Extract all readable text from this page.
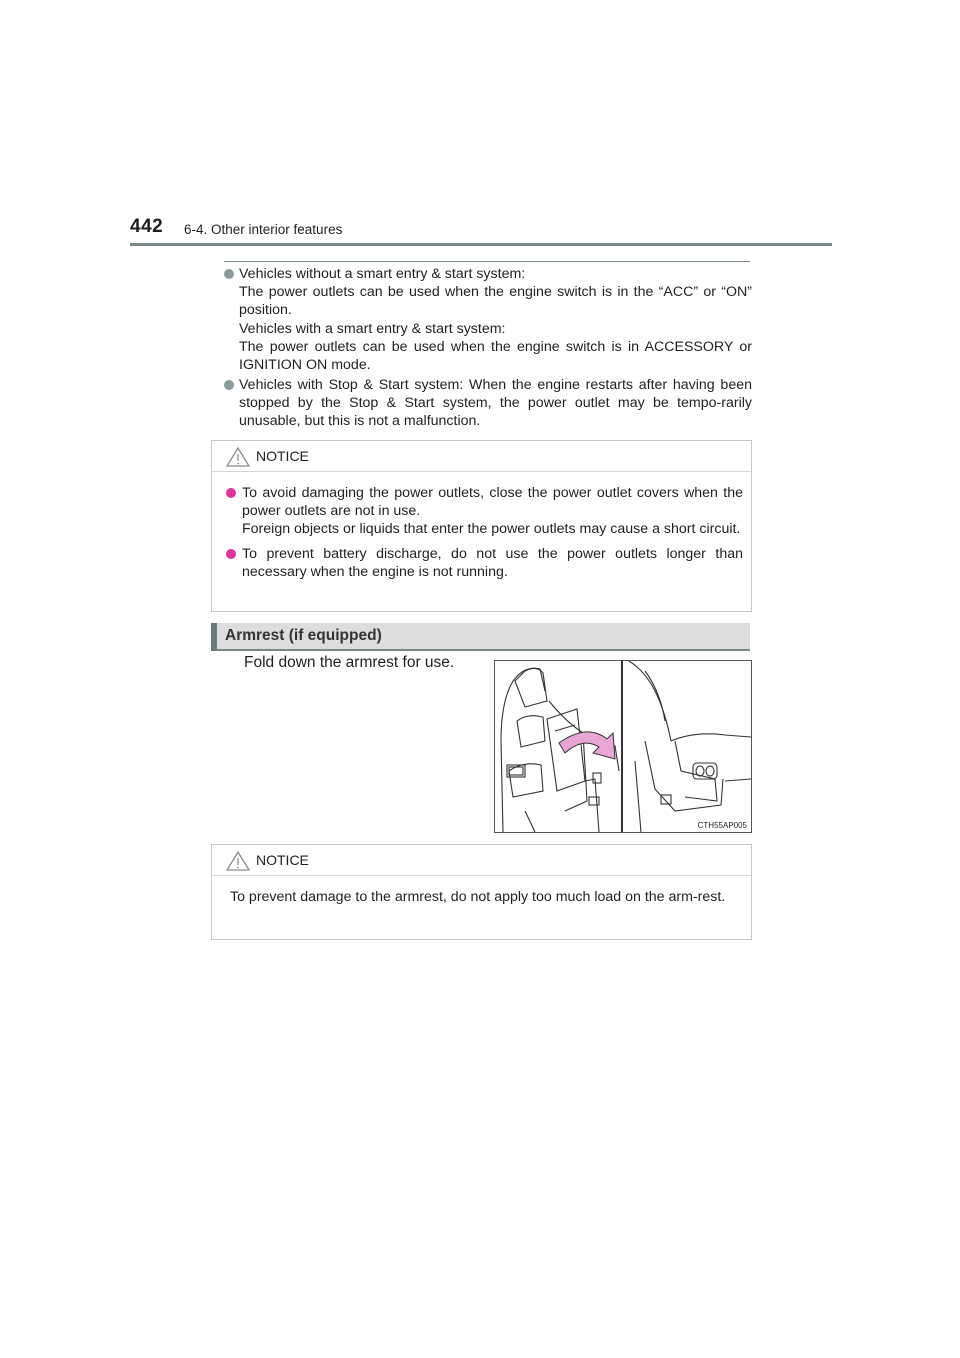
442 6-4. Other interior features

Vehicles without a smart entry & start system:

The power outlets can be used when the engine switch is in the “ACC” or “ON” position.

Vehicles with a smart entry & start system:

The power outlets can be used when the engine switch is in ACCESSORY or IGNITION ON mode.

Vehicles with Stop & Start system: When the engine restarts after having been stopped by the Stop & Start system, the power outlet may be tempo-rarily unusable, but this is not a malfunction.

NOTICE

To avoid damaging the power outlets, close the power outlet covers when the power outlets are not in use.

Foreign objects or liquids that enter the power outlets may cause a short circuit.

To prevent battery discharge, do not use the power outlets longer than necessary when the engine is not running.

Armrest (if equipped)
Fold down the armrest for use.
CTH55AP005
NOTICE

To prevent damage to the armrest, do not apply too much load on the arm-rest.
